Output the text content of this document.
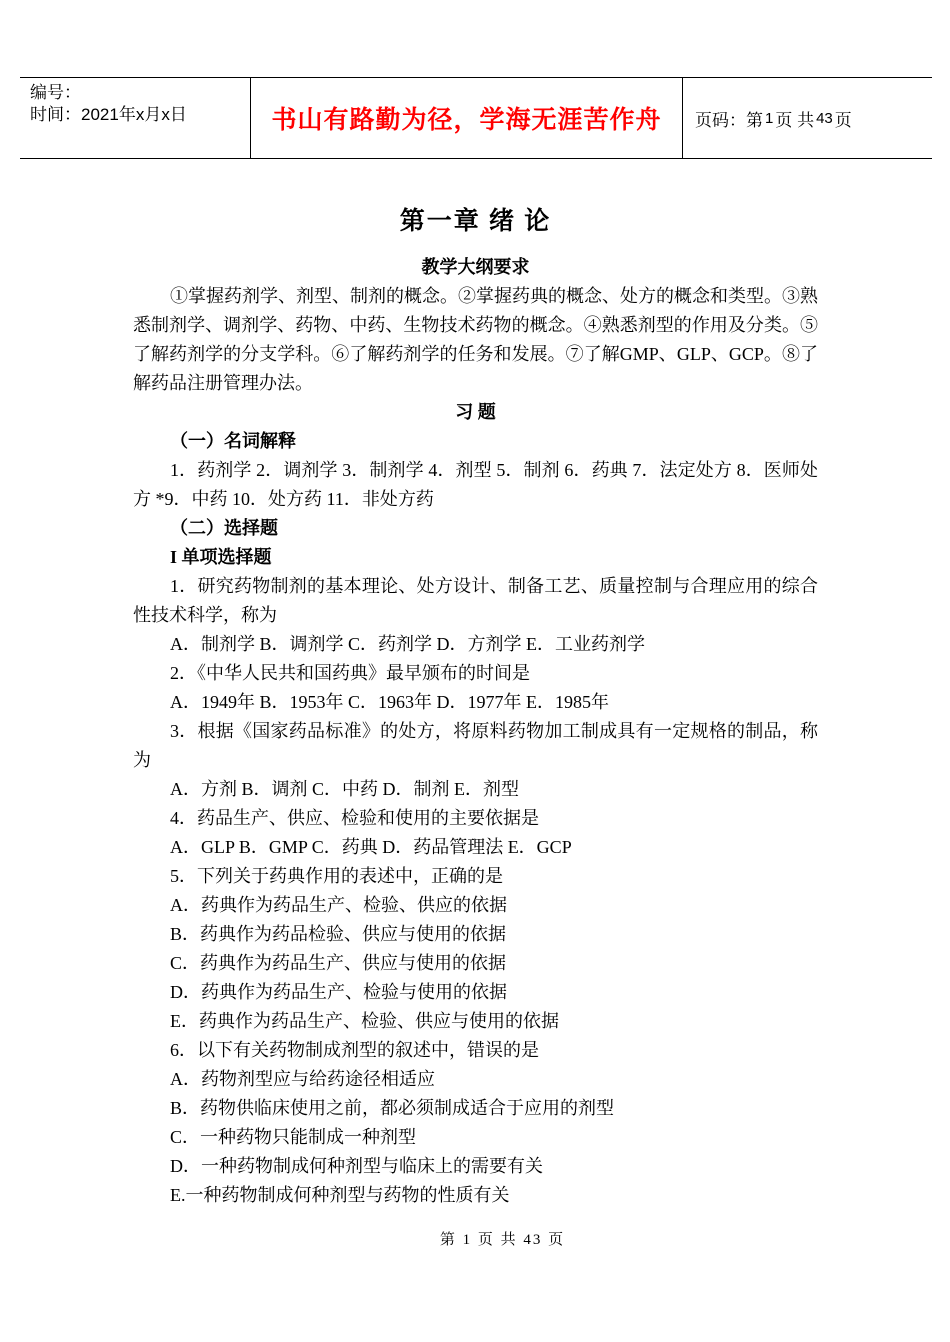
编号：
时间：2021年x月x日	书山有路勤为径，学海无涯苦作舟 页码：第 1 页 共 43 页
第一章 绪 论
教学大纲要求

①掌握药剂学、剂型、制剂的概念。②掌握药典的概念、处方的概念和类型。③熟悉制剂学、调剂学、药物、中药、生物技术药物的概念。④熟悉剂型的作用及分类。⑤了解药剂学的分支学科。⑥了解药剂学的任务和发展。⑦了解GMP、GLP、GCP。⑧了解药品注册管理办法。

习 题

（一）名词解释

1．药剂学 2．调剂学 3．制剂学 4．剂型 5．制剂 6．药典 7．法定处方 8．医师处方 *9．中药 10．处方药 11．非处方药

（二）选择题

I 单项选择题

1．研究药物制剂的基本理论、处方设计、制备工艺、质量控制与合理应用的综合性技术科学，称为

A．制剂学 B．调剂学 C．药剂学 D．方剂学 E．工业药剂学

2．《中华人民共和国药典》最早颁布的时间是

A．1949年 B．1953年 C．1963年 D．1977年 E．1985年

3．根据《国家药品标准》的处方，将原料药物加工制成具有一定规格的制品，称为

A．方剂 B．调剂 C．中药 D．制剂 E．剂型

4．药品生产、供应、检验和使用的主要依据是

A．GLP B．GMP C．药典 D．药品管理法 E．GCP

5．下列关于药典作用的表述中，正确的是

A．药典作为药品生产、检验、供应的依据

B．药典作为药品检验、供应与使用的依据

C．药典作为药品生产、供应与使用的依据

D．药典作为药品生产、检验与使用的依据

E．药典作为药品生产、检验、供应与使用的依据

6．以下有关药物制成剂型的叙述中，错误的是

A．药物剂型应与给药途径相适应

B．药物供临床使用之前，都必须制成适合于应用的剂型

C．一种药物只能制成一种剂型

D．一种药物制成何种剂型与临床上的需要有关

E.一种药物制成何种剂型与药物的性质有关

第 1 页 共 43 页
